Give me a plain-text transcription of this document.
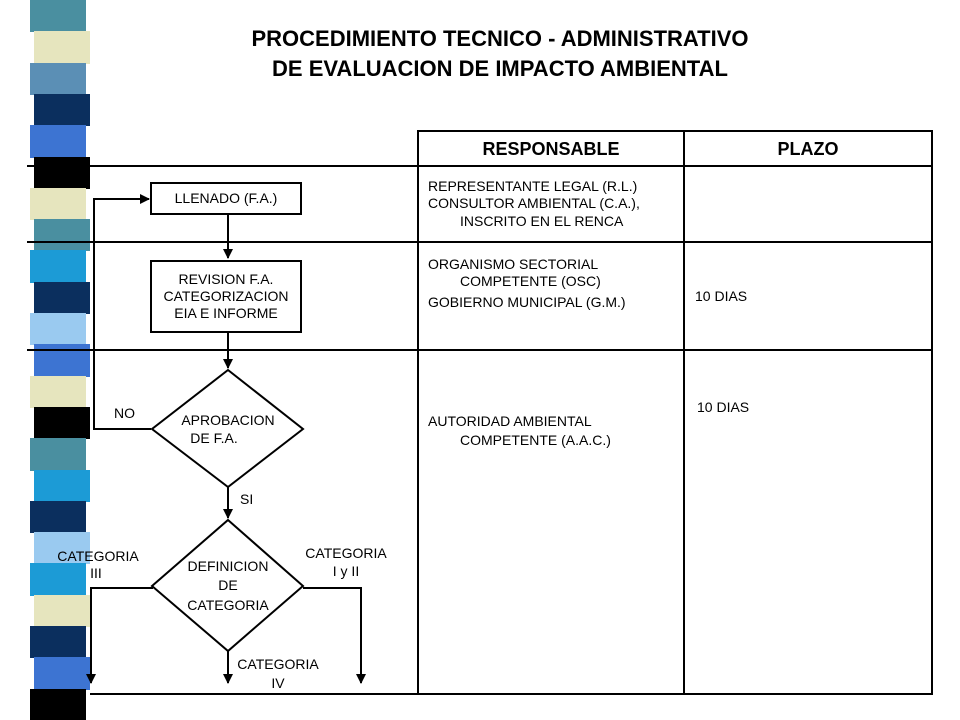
PROCEDIMIENTO TECNICO - ADMINISTRATIVO
DE EVALUACION DE IMPACTO AMBIENTAL
RESPONSABLE	PLAZO
REPRESENTANTE LEGAL (R.L.)
CONSULTOR AMBIENTAL (C.A.),
INSCRITO EN EL RENCA
ORGANISMO SECTORIAL
COMPETENTE (OSC)
GOBIERNO MUNICIPAL (G.M.)	10 DIAS
AUTORIDAD AMBIENTAL
COMPETENTE (A.A.C.)
10 DIAS
LLENADO (F.A.)
REVISION F.A.
CATEGORIZACION
EIA E INFORME
APROBACION
DE F.A.
DEFINICION
DE
CATEGORIA
NO
SI
CATEGORIA
III
CATEGORIA
I y II
CATEGORIA
IV
